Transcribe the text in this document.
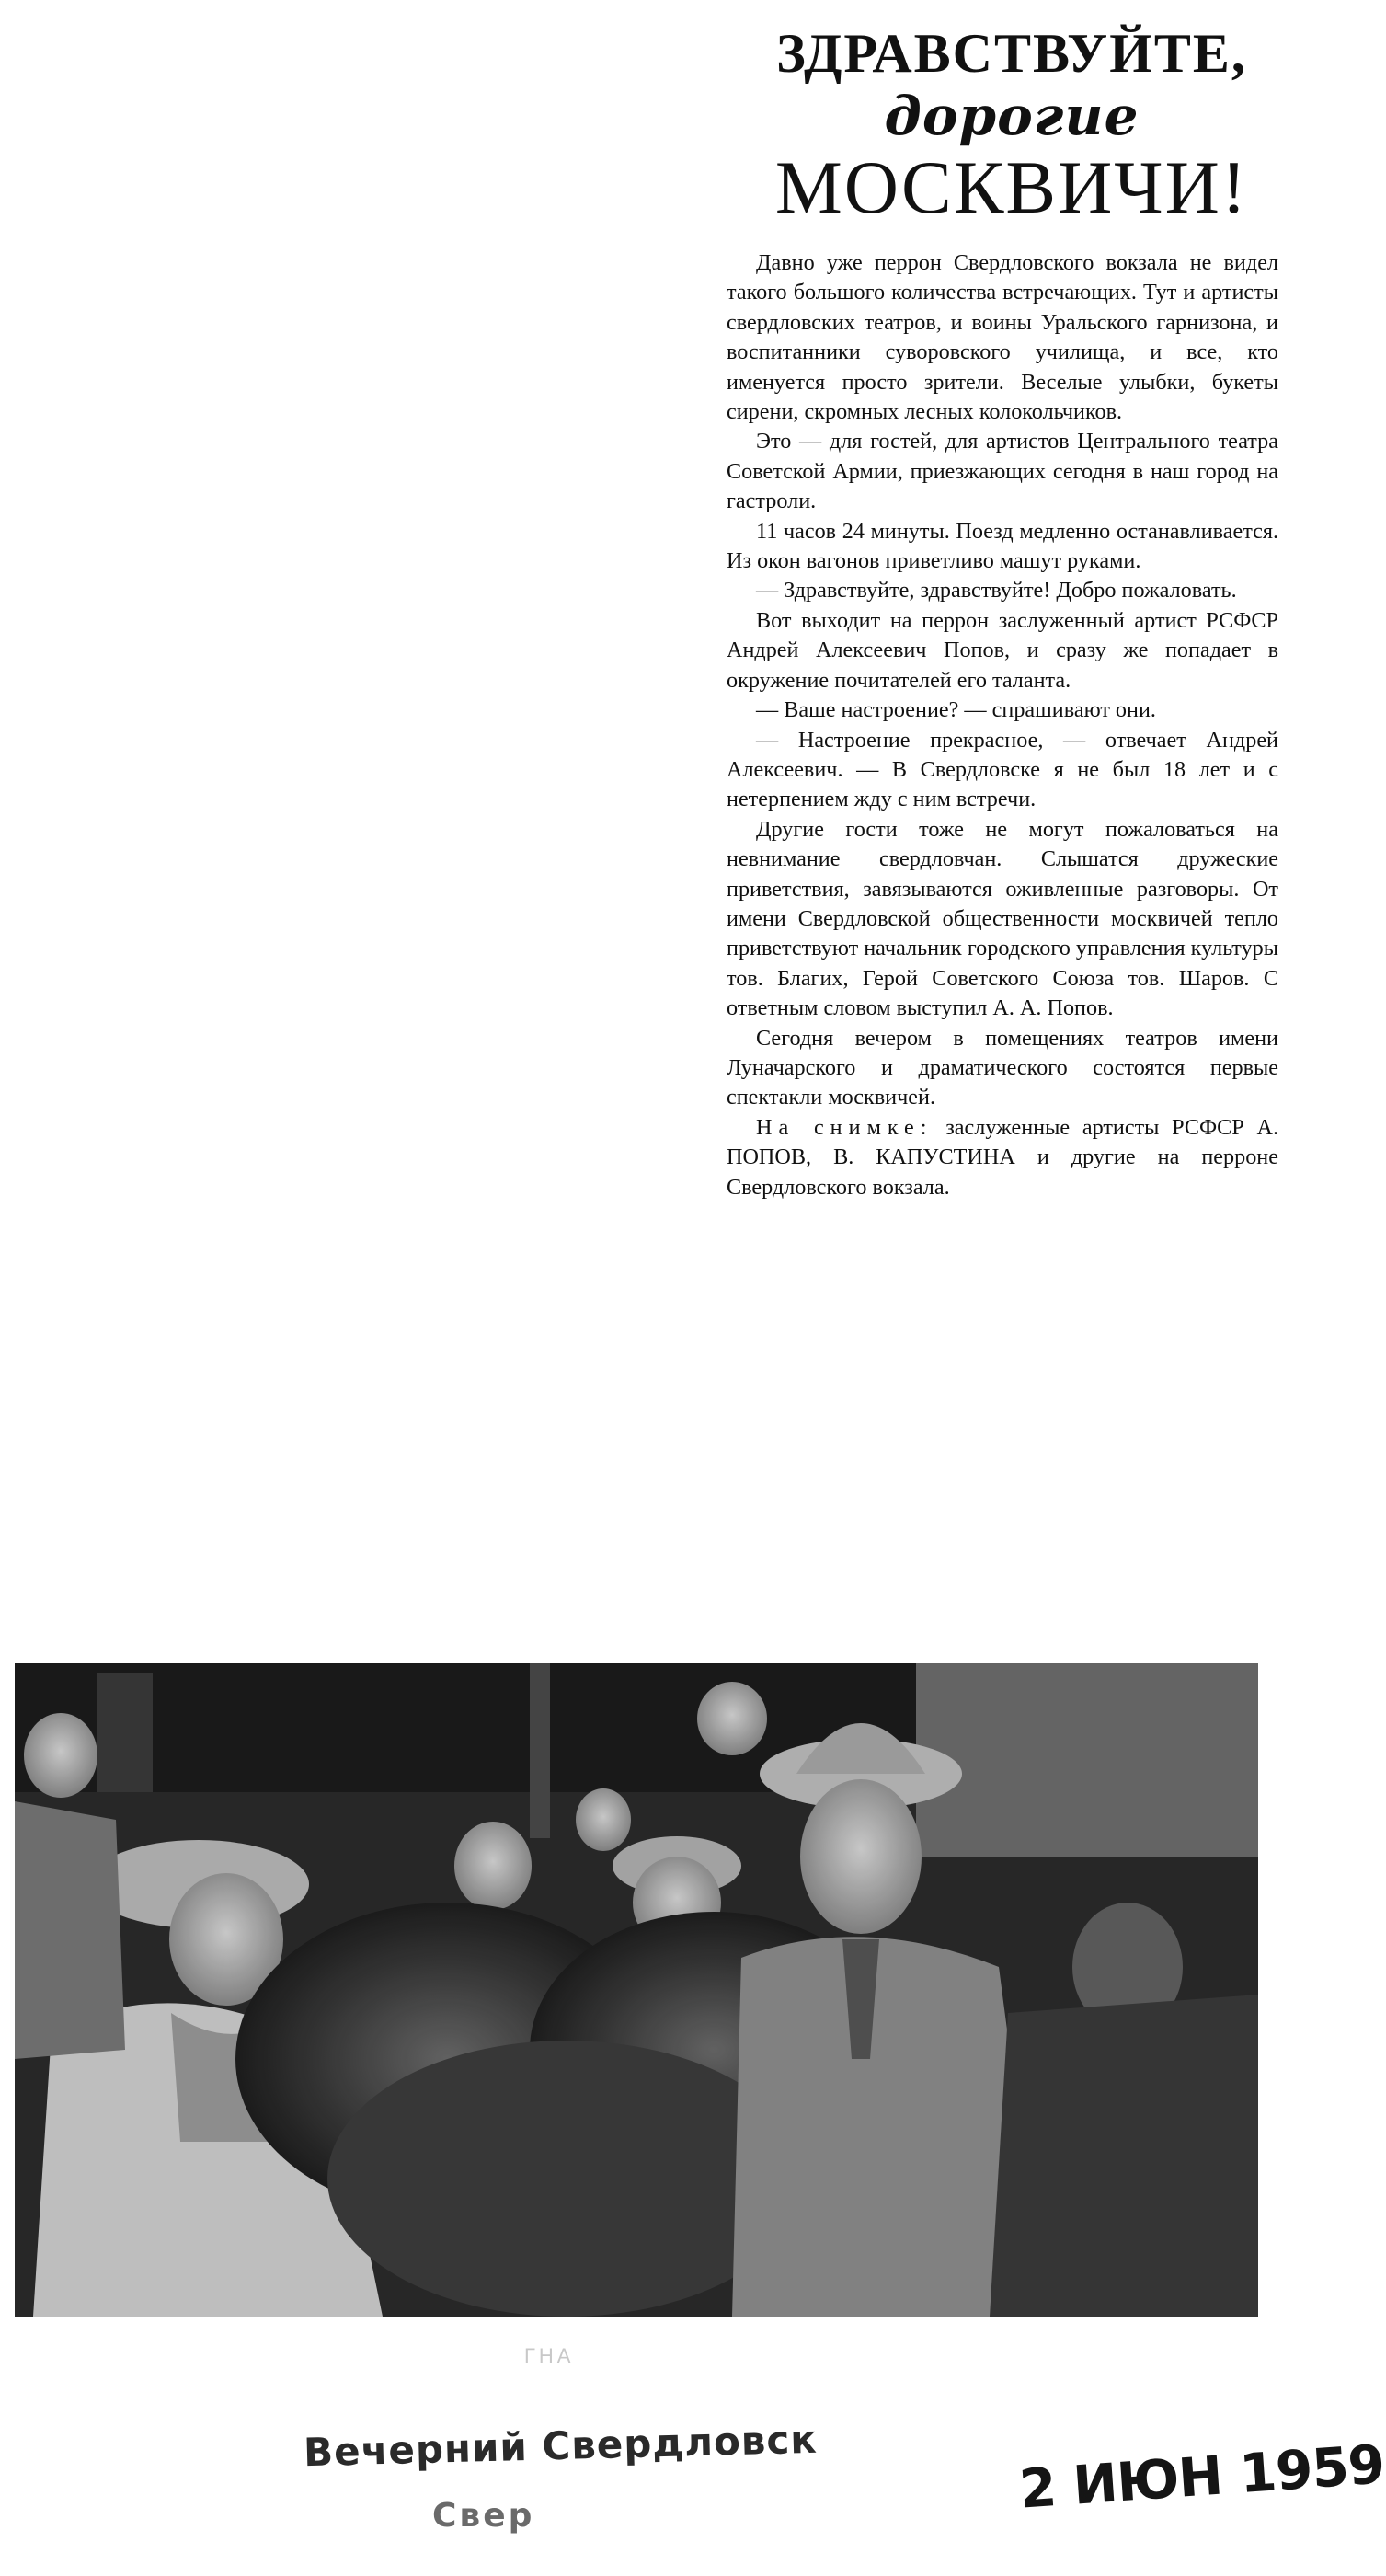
ЗДРАВСТВУЙТЕ,
дорогие
МОСКВИЧИ!

Давно уже перрон Свердловского вокзала не видел такого большого количества встречающих. Тут и артисты свердловских театров, и воины Уральского гарнизона, и воспитанники суворовского училища, и все, кто именуется просто зрители. Веселые улыбки, букеты сирени, скромных лесных колокольчиков.

Это — для гостей, для артистов Центрального театра Советской Армии, приезжающих сегодня в наш город на гастроли.

11 часов 24 минуты. Поезд медленно останавливается. Из окон вагонов приветливо машут руками.

— Здравствуйте, здравствуйте! Добро пожаловать.

Вот выходит на перрон заслуженный артист РСФСР Андрей Алексеевич Попов, и сразу же попадает в окружение почитателей его таланта.

— Ваше настроение? — спрашивают они.

— Настроение прекрасное, — отвечает Андрей Алексеевич. — В Свердловске я не был 18 лет и с нетерпением жду с ним встречи.

Другие гости тоже не могут пожаловаться на невнимание свердловчан. Слышатся дружеские приветствия, завязываются оживленные разговоры. От имени Свердловской общественности москвичей тепло приветствуют начальник городского управления культуры тов. Благих, Герой Советского Союза тов. Шаров. С ответным словом выступил А. А. Попов.

Сегодня вечером в помещениях театров имени Луначарского и драматического состоятся первые спектакли москвичей.

На снимке: заслуженные артисты РСФСР А. ПОПОВ, В. КАПУСТИНА и другие на перроне Свердловского вокзала.

ГНА
Вечерний Свердловск
Свер	2 ИЮН 1959
